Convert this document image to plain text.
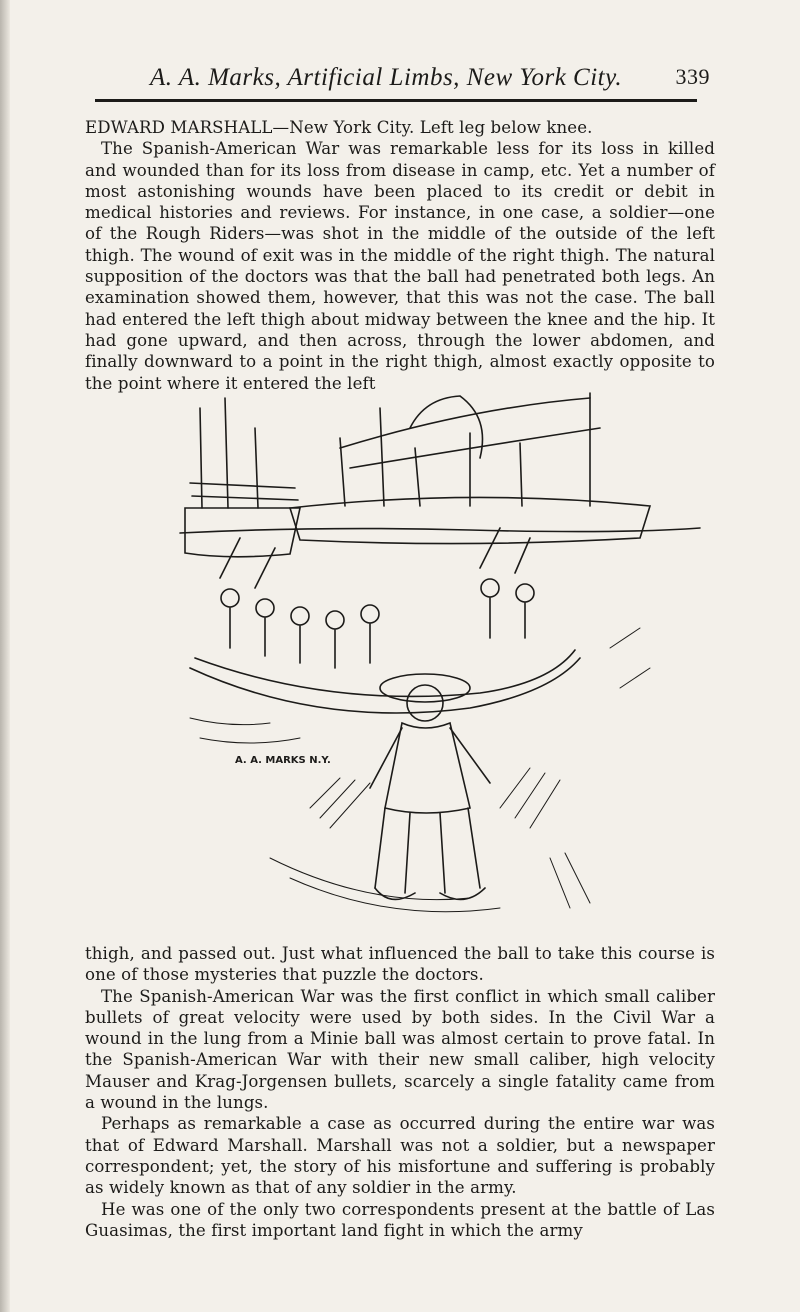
A. A. Marks, Artificial Limbs, New York City. 339

EDWARD MARSHALL—New York City. Left leg below knee.

The Spanish-American War was remarkable less for its loss in killed and wounded than for its loss from disease in camp, etc. Yet a number of most astonishing wounds have been placed to its credit or debit in medical histories and reviews. For instance, in one case, a soldier—one of the Rough Riders—was shot in the middle of the outside of the left thigh. The wound of exit was in the middle of the right thigh. The natural supposition of the doctors was that the ball had penetrated both legs. An examination showed them, however, that this was not the case. The ball had entered the left thigh about midway between the knee and the hip. It had gone upward, and then across, through the lower abdomen, and finally downward to a point in the right thigh, almost exactly opposite to the point where it entered the left

A. A. MARKS N.Y.

thigh, and passed out. Just what influenced the ball to take this course is one of those mysteries that puzzle the doctors.

The Spanish-American War was the first conflict in which small caliber bullets of great velocity were used by both sides. In the Civil War a wound in the lung from a Minie ball was almost certain to prove fatal. In the Spanish-American War with their new small caliber, high velocity Mauser and Krag-Jorgensen bullets, scarcely a single fatality came from a wound in the lungs.

Perhaps as remarkable a case as occurred during the entire war was that of Edward Marshall. Marshall was not a soldier, but a newspaper correspondent; yet, the story of his misfortune and suffering is probably as widely known as that of any soldier in the army.

He was one of the only two correspondents present at the battle of Las Guasimas, the first important land fight in which the army
